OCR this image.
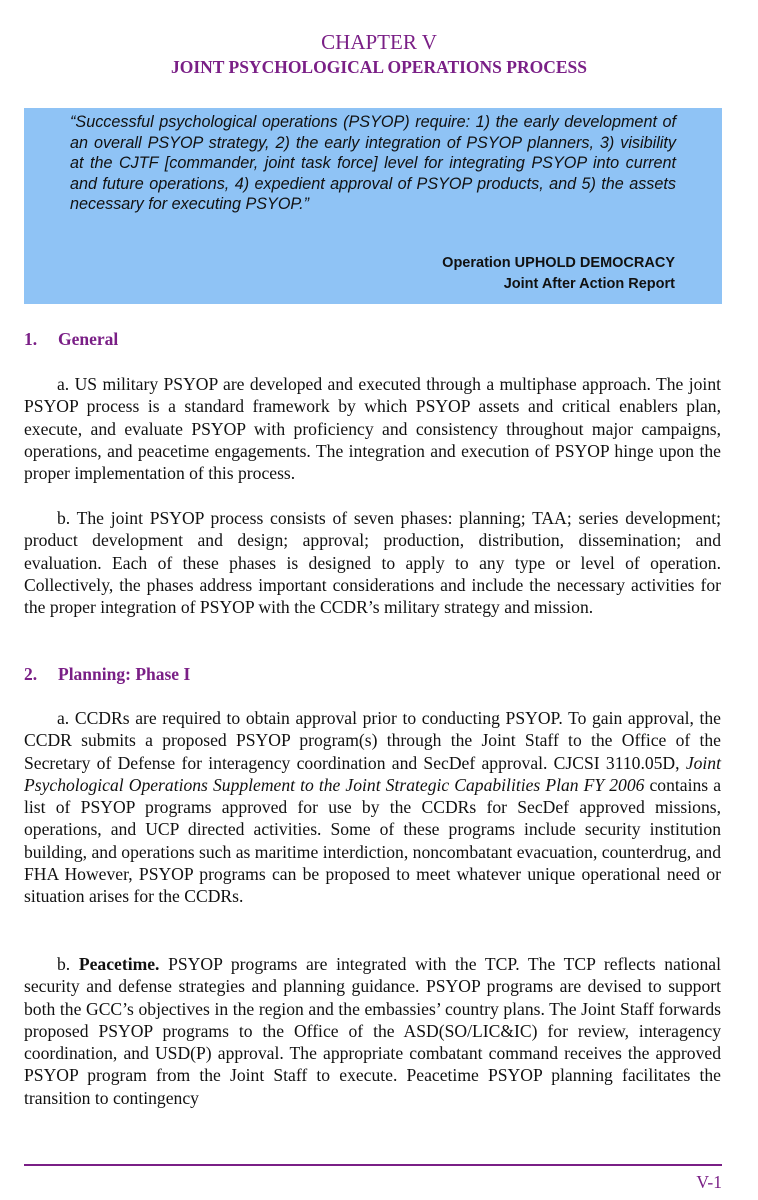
CHAPTER V
JOINT PSYCHOLOGICAL OPERATIONS PROCESS

“Successful psychological operations (PSYOP) require: 1) the early development of an overall PSYOP strategy, 2) the early integration of PSYOP planners, 3) visibility at the CJTF [commander, joint task force] level for integrating PSYOP into current and future operations, 4) expedient approval of PSYOP products, and 5) the assets necessary for executing PSYOP.”

Operation UPHOLD DEMOCRACY
Joint After Action Report
1. General

a. US military PSYOP are developed and executed through a multiphase approach. The joint PSYOP process is a standard framework by which PSYOP assets and critical enablers plan, execute, and evaluate PSYOP with proficiency and consistency throughout major campaigns, operations, and peacetime engagements. The integration and execution of PSYOP hinge upon the proper implementation of this process.

b. The joint PSYOP process consists of seven phases: planning; TAA; series development; product development and design; approval; production, distribution, dissemination; and evaluation. Each of these phases is designed to apply to any type or level of operation. Collectively, the phases address important considerations and include the necessary activities for the proper integration of PSYOP with the CCDR’s military strategy and mission.

2. Planning: Phase I

a. CCDRs are required to obtain approval prior to conducting PSYOP. To gain approval, the CCDR submits a proposed PSYOP program(s) through the Joint Staff to the Office of the Secretary of Defense for interagency coordination and SecDef approval. CJCSI 3110.05D, Joint Psychological Operations Supplement to the Joint Strategic Capabilities Plan FY 2006 contains a list of PSYOP programs approved for use by the CCDRs for SecDef approved missions, operations, and UCP directed activities. Some of these programs include security institution building, and operations such as maritime interdiction, noncombatant evacuation, counterdrug, and FHA However, PSYOP programs can be proposed to meet whatever unique operational need or situation arises for the CCDRs.

b. Peacetime. PSYOP programs are integrated with the TCP. The TCP reflects national security and defense strategies and planning guidance. PSYOP programs are devised to support both the GCC’s objectives in the region and the embassies’ country plans. The Joint Staff forwards proposed PSYOP programs to the Office of the ASD(SO/LIC&IC) for review, interagency coordination, and USD(P) approval. The appropriate combatant command receives the approved PSYOP program from the Joint Staff to execute. Peacetime PSYOP planning facilitates the transition to contingency

V-1
